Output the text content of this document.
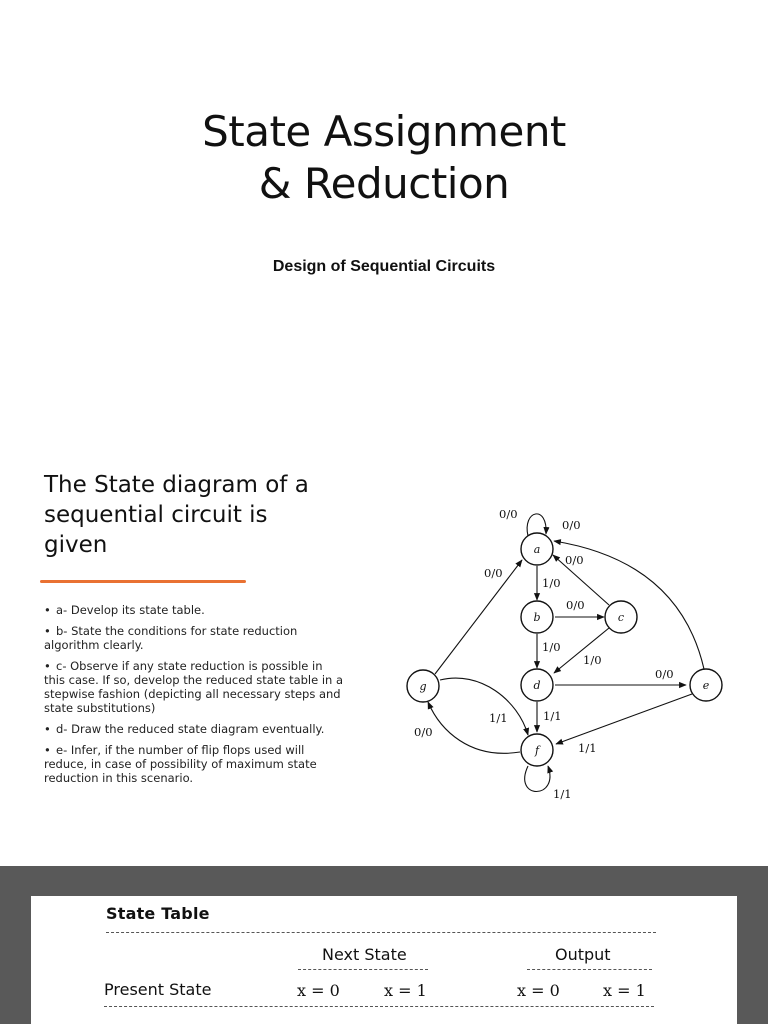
State Assignment
& Reduction
Design of Sequential Circuits
The State diagram of a
sequential circuit is
given
• a- Develop its state table.
• b- State the conditions for state reduction algorithm clearly.
• c- Observe if any state reduction is possible in this case. If so, develop the reduced state table in a stepwise fashion (depicting all necessary steps and state substitutions)
• d- Draw the reduced state diagram eventually.
• e- Infer, if the number of flip flops used will reduce, in case of possibility of maximum state reduction in this scenario.
a
b	c
d	e
f
g
0/0
0/0
0/0
0/0
1/0
0/0
1/0
1/0
0/0
1/1
1/1
1/1
0/0
1/1
State Table
Next State	Output
Present State	x = 0	x = 1	x = 0	x = 1
